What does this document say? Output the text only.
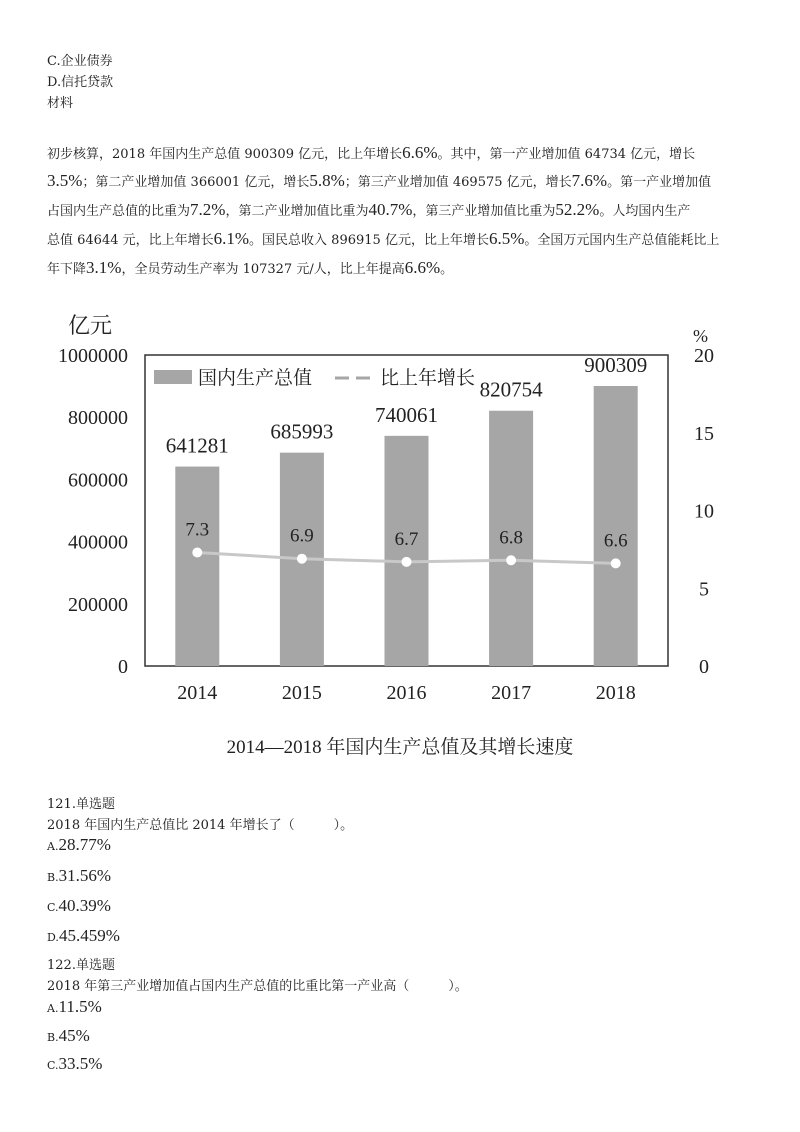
C.企业债券
D.信托贷款
材料
初步核算，2018 年国内生产总值 900309 亿元，比上年增长6.6%。其中，第一产业增加值 64734 亿元，增长
3.5%；第二产业增加值 366001 亿元，增长5.8%；第三产业增加值 469575 亿元，增长7.6%。第一产业增加值
占国内生产总值的比重为7.2%，第二产业增加值比重为40.7%，第三产业增加值比重为52.2%。人均国内生产
总值 64644 元，比上年增长6.1%。国民总收入 896915 亿元，比上年增长6.5%。全国万元国内生产总值能耗比上
年下降3.1%，全员劳动生产率为 107327 元/人，比上年提高6.6%。
亿元	%
641281
685993
740061
820754
900309
7.3	6.9	6.7	6.8	6.6
2014	2015	2016	2017	2018
0
200000
400000
600000
800000
1000000
0
5
10
15
20
国内生产总值	比上年增长
2014—2018 年国内生产总值及其增长速度
121.单选题
2018 年国内生产总值比 2014 年增长了（　　　）。
A.28.77%
B.31.56%
C.40.39%
D.45.459%
122.单选题
2018 年第三产业增加值占国内生产总值的比重比第一产业高（　　　）。
A.11.5%
B.45%
C.33.5%
